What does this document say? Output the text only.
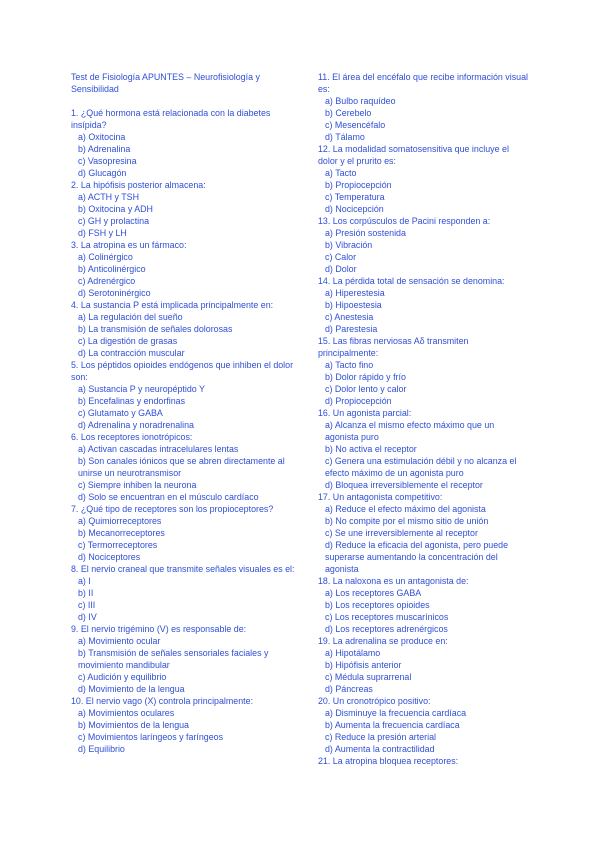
Test de Fisiología APUNTES – Neurofisiología y Sensibilidad
1. ¿Qué hormona está relacionada con la diabetes insípida?
a) Oxitocina
b) Adrenalina
c) Vasopresina
d) Glucagón
2. La hipófisis posterior almacena:
a) ACTH y TSH
b) Oxitocina y ADH
c) GH y prolactina
d) FSH y LH
3. La atropina es un fármaco:
a) Colinérgico
b) Anticolinérgico
c) Adrenérgico
d) Serotoninérgico
4. La sustancia P está implicada principalmente en:
a) La regulación del sueño
b) La transmisión de señales dolorosas
c) La digestión de grasas
d) La contracción muscular
5. Los péptidos opioides endógenos que inhiben el dolor son:
a) Sustancia P y neuropéptido Y
b) Encefalinas y endorfinas
c) Glutamato y GABA
d) Adrenalina y noradrenalina
6. Los receptores ionotrópicos:
a) Activan cascadas intracelulares lentas
b) Son canales iónicos que se abren directamente al unirse un neurotransmisor
c) Siempre inhiben la neurona
d) Solo se encuentran en el músculo cardíaco
7. ¿Qué tipo de receptores son los propioceptores?
a) Quimiorreceptores
b) Mecanorreceptores
c) Termorreceptores
d) Nociceptores
8. El nervio craneal que transmite señales visuales es el:
a) I
b) II
c) III
d) IV
9. El nervio trigémino (V) es responsable de:
a) Movimiento ocular
b) Transmisión de señales sensoriales faciales y movimiento mandibular
c) Audición y equilibrio
d) Movimiento de la lengua
10. El nervio vago (X) controla principalmente:
a) Movimientos oculares
b) Movimientos de la lengua
c) Movimientos laríngeos y faríngeos
d) Equilibrio
11. El área del encéfalo que recibe información visual es:
a) Bulbo raquídeo
b) Cerebelo
c) Mesencéfalo
d) Tálamo
12. La modalidad somatosensitiva que incluye el dolor y el prurito es:
a) Tacto
b) Propiocepción
c) Temperatura
d) Nocicepción
13. Los corpúsculos de Pacini responden a:
a) Presión sostenida
b) Vibración
c) Calor
d) Dolor
14. La pérdida total de sensación se denomina:
a) Hiperestesia
b) Hipoestesia
c) Anestesia
d) Parestesia
15. Las fibras nerviosas Aδ transmiten principalmente:
a) Tacto fino
b) Dolor rápido y frío
c) Dolor lento y calor
d) Propiocepción
16. Un agonista parcial:
a) Alcanza el mismo efecto máximo que un agonista puro
b) No activa el receptor
c) Genera una estimulación débil y no alcanza el efecto máximo de un agonista puro
d) Bloquea irreversiblemente el receptor
17. Un antagonista competitivo:
a) Reduce el efecto máximo del agonista
b) No compite por el mismo sitio de unión
c) Se une irreversiblemente al receptor
d) Reduce la eficacia del agonista, pero puede superarse aumentando la concentración del agonista
18. La naloxona es un antagonista de:
a) Los receptores GABA
b) Los receptores opioides
c) Los receptores muscarínicos
d) Los receptores adrenérgicos
19. La adrenalina se produce en:
a) Hipotálamo
b) Hipófisis anterior
c) Médula suprarrenal
d) Páncreas
20. Un cronotrópico positivo:
a) Disminuye la frecuencia cardíaca
b) Aumenta la frecuencia cardíaca
c) Reduce la presión arterial
d) Aumenta la contractilidad
21. La atropina bloquea receptores:
